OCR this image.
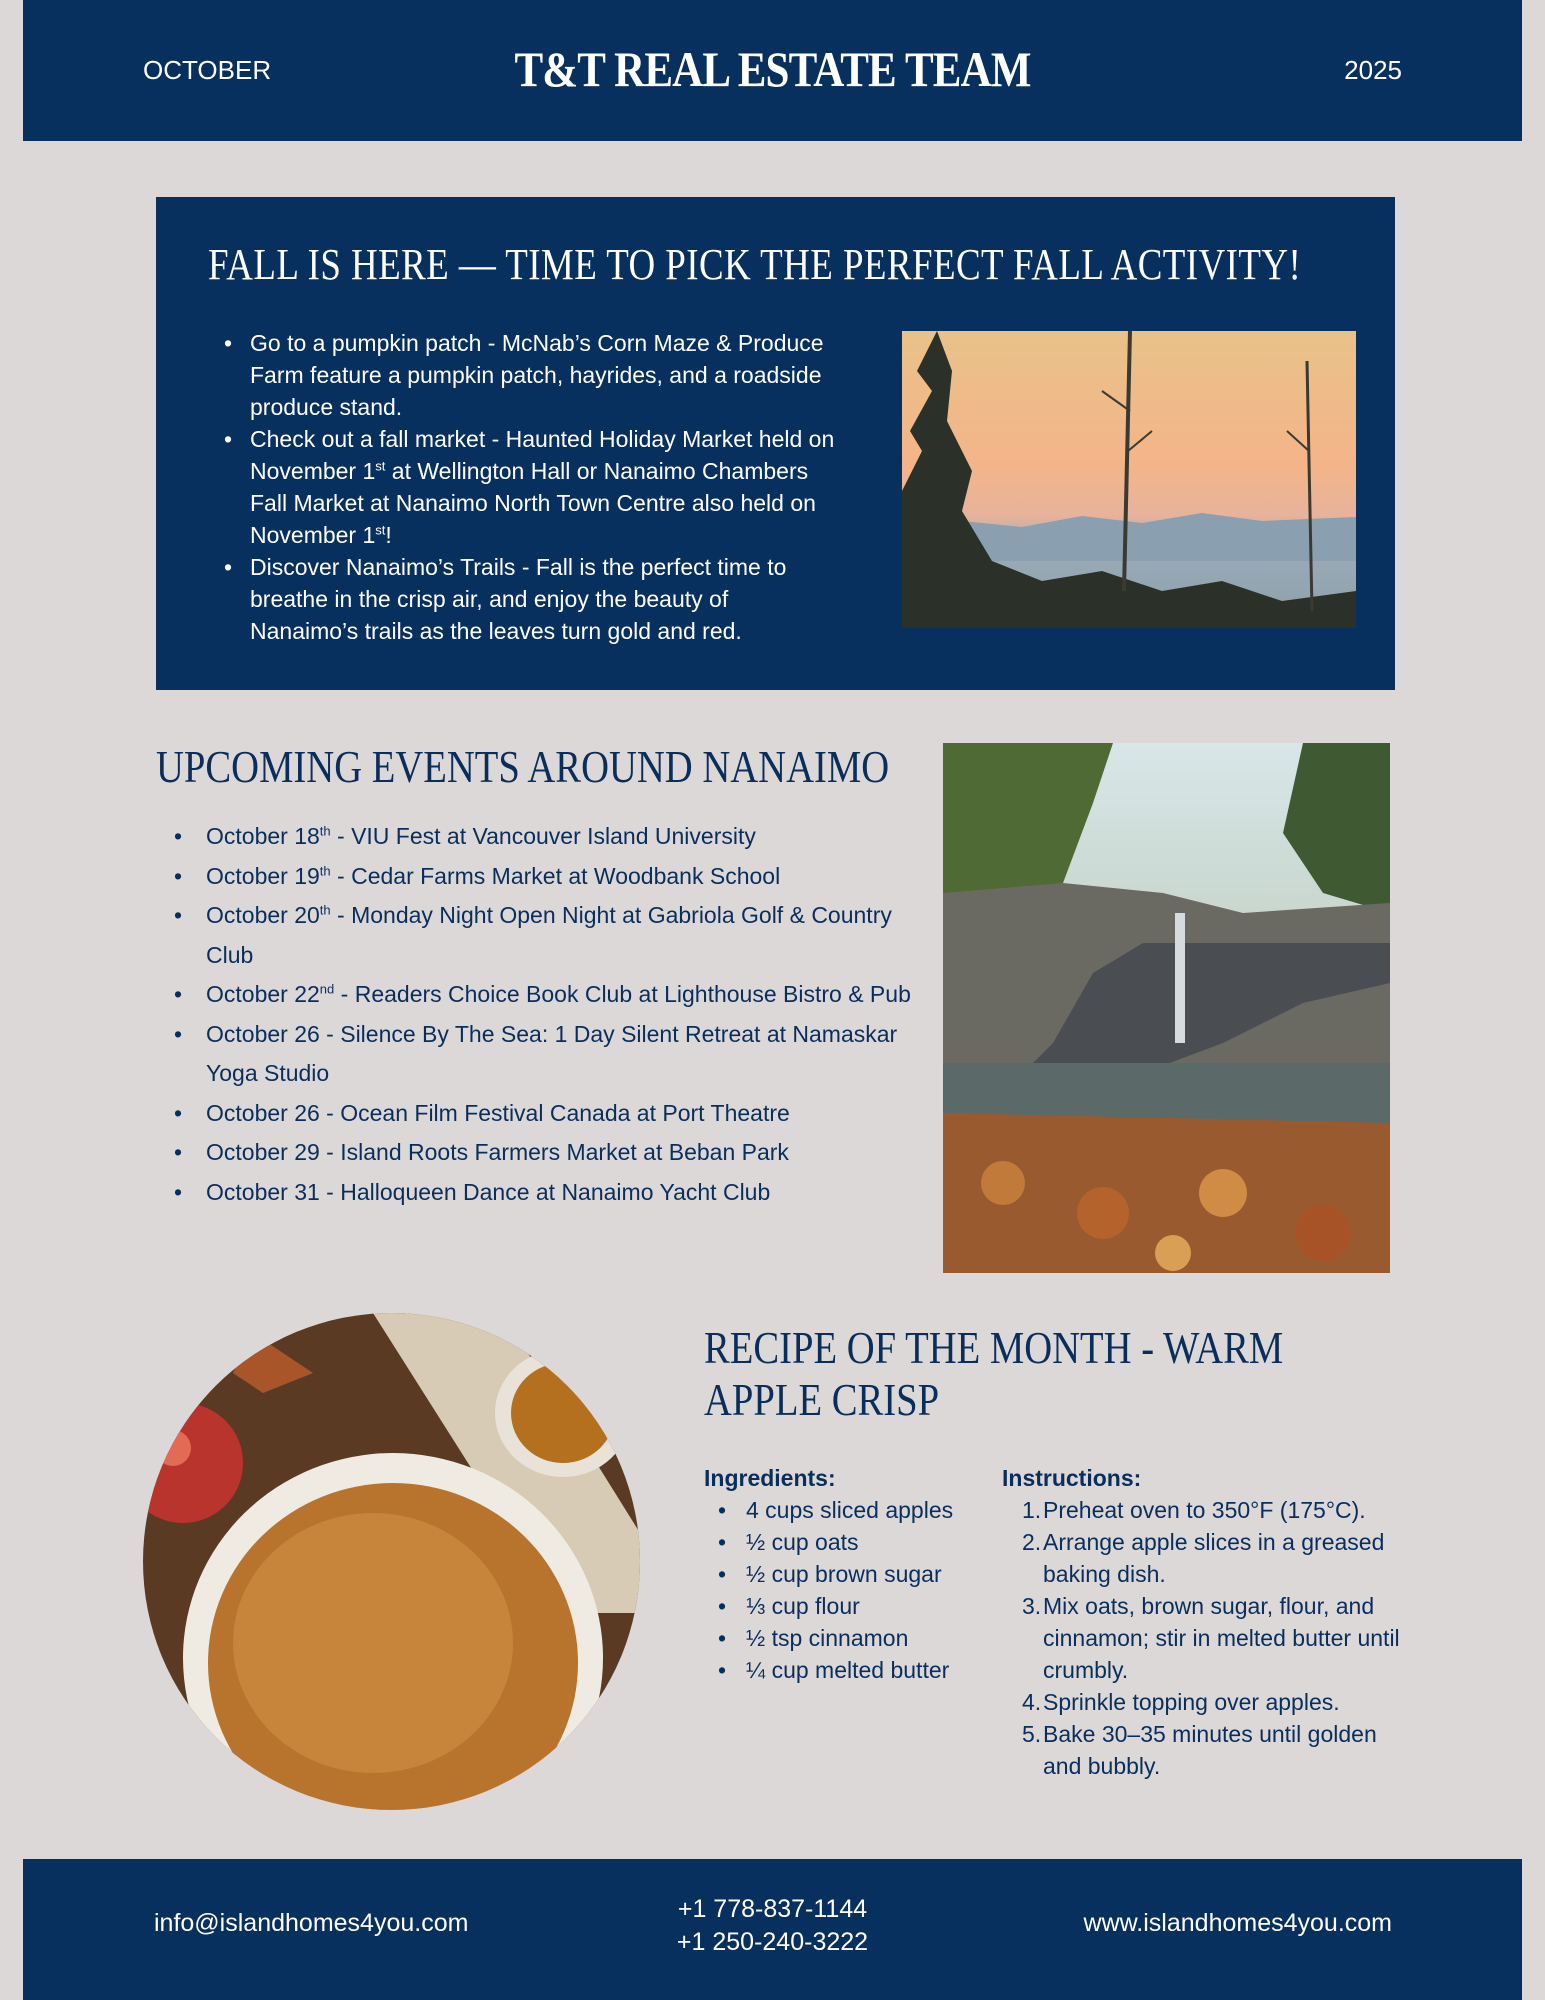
OCTOBER	T&T REAL ESTATE TEAM	2025
FALL IS HERE — TIME TO PICK THE PERFECT FALL ACTIVITY!
• Go to a pumpkin patch - McNab’s Corn Maze & Produce Farm feature a pumpkin patch, hayrides, and a roadside produce stand.
• Check out a fall market - Haunted Holiday Market held on November 1st at Wellington Hall or Nanaimo Chambers Fall Market at Nanaimo North Town Centre also held on November 1st!
• Discover Nanaimo’s Trails - Fall is the perfect time to breathe in the crisp air, and enjoy the beauty of Nanaimo’s trails as the leaves turn gold and red.
UPCOMING EVENTS AROUND NANAIMO
• October 18th - VIU Fest at Vancouver Island University
• October 19th - Cedar Farms Market at Woodbank School
• October 20th - Monday Night Open Night at Gabriola Golf & Country Club
• October 22nd - Readers Choice Book Club at Lighthouse Bistro & Pub
• October 26 - Silence By The Sea: 1 Day Silent Retreat at Namaskar Yoga Studio
• October 26 - Ocean Film Festival Canada at Port Theatre
• October 29 - Island Roots Farmers Market at Beban Park
• October 31 - Halloqueen Dance at Nanaimo Yacht Club
RECIPE OF THE MONTH - WARM APPLE CRISP
Ingredients:
• 4 cups sliced apples
• ½ cup oats
• ½ cup brown sugar
• ⅓ cup flour
• ½ tsp cinnamon
• ¼ cup melted butter
Instructions:
1. Preheat oven to 350°F (175°C).
2. Arrange apple slices in a greased baking dish.
3. Mix oats, brown sugar, flour, and cinnamon; stir in melted butter until crumbly.
4. Sprinkle topping over apples.
5. Bake 30–35 minutes until golden and bubbly.
info@islandhomes4you.com	+1 778-837-1144
+1 250-240-3222
www.islandhomes4you.com
